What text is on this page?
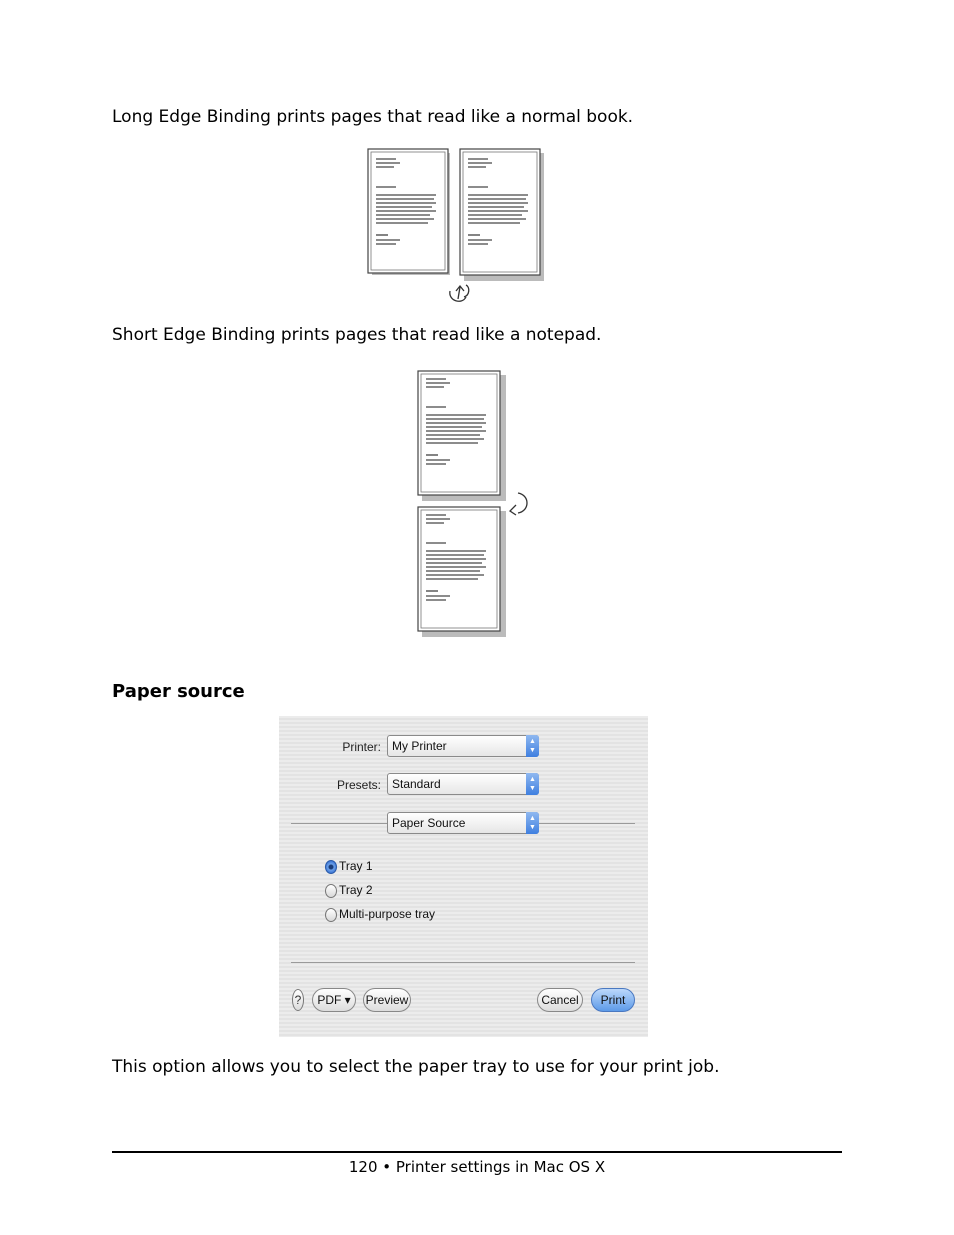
Long Edge Binding prints pages that read like a normal book.

Short Edge Binding prints pages that read like a notepad.

Paper source
Printer: My Printer	▲
▼
Presets: Standard	▲
▼
Paper Source	▲
▼
Tray 1
Tray 2
Multi-purpose tray
?	PDF ▾	Preview	Cancel	Print

This option allows you to select the paper tray to use for your print job.

120 • Printer settings in Mac OS X
